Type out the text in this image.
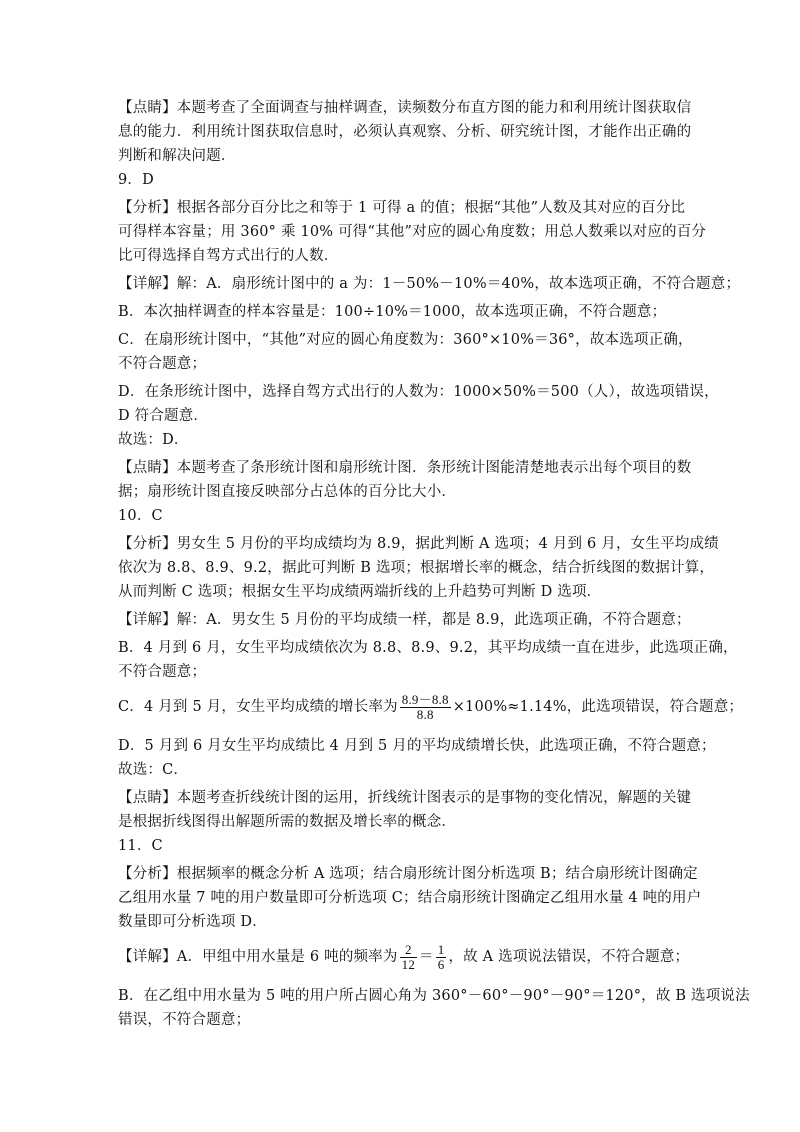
【点睛】本题考查了全面调查与抽样调查，读频数分布直方图的能力和利用统计图获取信
息的能力．利用统计图获取信息时，必须认真观察、分析、研究统计图，才能作出正确的
判断和解决问题．
9．D
【分析】根据各部分百分比之和等于 1 可得 a 的值；根据“其他”人数及其对应的百分比
可得样本容量；用 360° 乘 10% 可得“其他”对应的圆心角度数；用总人数乘以对应的百分
比可得选择自驾方式出行的人数．
【详解】解：A．扇形统计图中的 a 为：1－50%－10%＝40%，故本选项正确，不符合题意；
B．本次抽样调查的样本容量是：100÷10%＝1000，故本选项正确，不符合题意；
C．在扇形统计图中，“其他”对应的圆心角度数为：360°×10%＝36°，故本选项正确，
不符合题意；
D．在条形统计图中，选择自驾方式出行的人数为：1000×50%＝500（人），故选项错误，
D 符合题意．
故选：D．
【点睛】本题考查了条形统计图和扇形统计图．条形统计图能清楚地表示出每个项目的数
据；扇形统计图直接反映部分占总体的百分比大小．
10．C
【分析】男女生 5 月份的平均成绩均为 8.9，据此判断 A 选项；4 月到 6 月，女生平均成绩
依次为 8.8、8.9、9.2，据此可判断 B 选项；根据增长率的概念，结合折线图的数据计算，
从而判断 C 选项；根据女生平均成绩两端折线的上升趋势可判断 D 选项．
【详解】解：A．男女生 5 月份的平均成绩一样，都是 8.9，此选项正确，不符合题意；
B．4 月到 6 月，女生平均成绩依次为 8.8、8.9、9.2，其平均成绩一直在进步，此选项正确，
不符合题意；
C．4 月到 5 月，女生平均成绩的增长率为 $\frac{8.9-8.8}{8.8} \times 100\%\approx 1.14\%$，此选项错误，符合题意；
D．5 月到 6 月女生平均成绩比 4 月到 5 月的平均成绩增长快，此选项正确，不符合题意；
故选：C．
【点睛】本题考查折线统计图的运用，折线统计图表示的是事物的变化情况，解题的关键
是根据折线图得出解题所需的数据及增长率的概念．
11．C
【分析】根据频率的概念分析 A 选项；结合扇形统计图分析选项 B；结合扇形统计图确定
乙组用水量 7 吨的用户数量即可分析选项 C；结合扇形统计图确定乙组用水量 4 吨的用户
数量即可分析选项 D．
【详解】A．甲组中用水量是 6 吨的频率为 $\frac{2}{12} = \frac{1}{6}$ ，故 A 选项说法错误，不符合题意；
B．在乙组中用水量为 5 吨的用户所占圆心角为 360°－60°－90°－90°＝120°，故 B 选项说法
错误，不符合题意；
